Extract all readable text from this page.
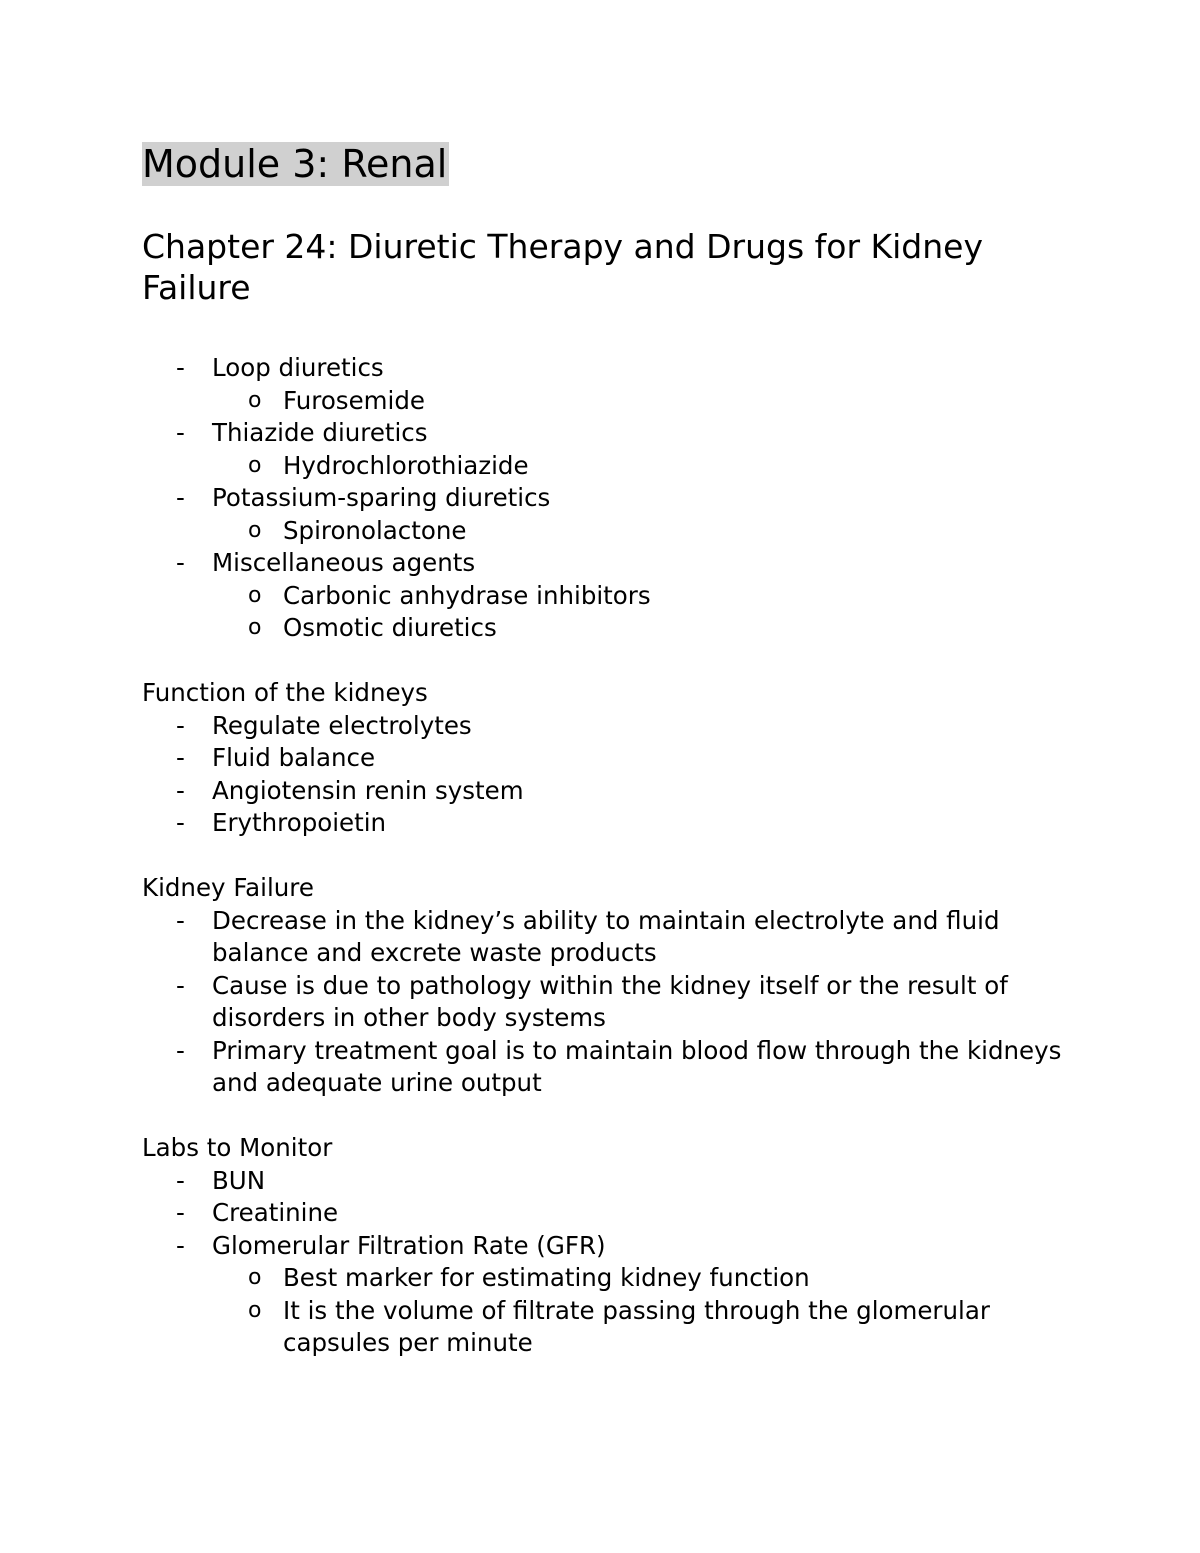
Module 3: Renal
Chapter 24: Diuretic Therapy and Drugs for Kidney Failure
- Loop diuretics
o Furosemide
- Thiazide diuretics
o Hydrochlorothiazide
- Potassium-sparing diuretics
o Spironolactone
- Miscellaneous agents
o Carbonic anhydrase inhibitors
o Osmotic diuretics

Function of the kidneys

- Regulate electrolytes
- Fluid balance
- Angiotensin renin system
- Erythropoietin

Kidney Failure

- Decrease in the kidney’s ability to maintain electrolyte and fluid balance and excrete waste products
- Cause is due to pathology within the kidney itself or the result of disorders in other body systems
- Primary treatment goal is to maintain blood flow through the kidneys and adequate urine output

Labs to Monitor

- BUN
- Creatinine
- Glomerular Filtration Rate (GFR)
o Best marker for estimating kidney function
o It is the volume of filtrate passing through the glomerular capsules per minute
